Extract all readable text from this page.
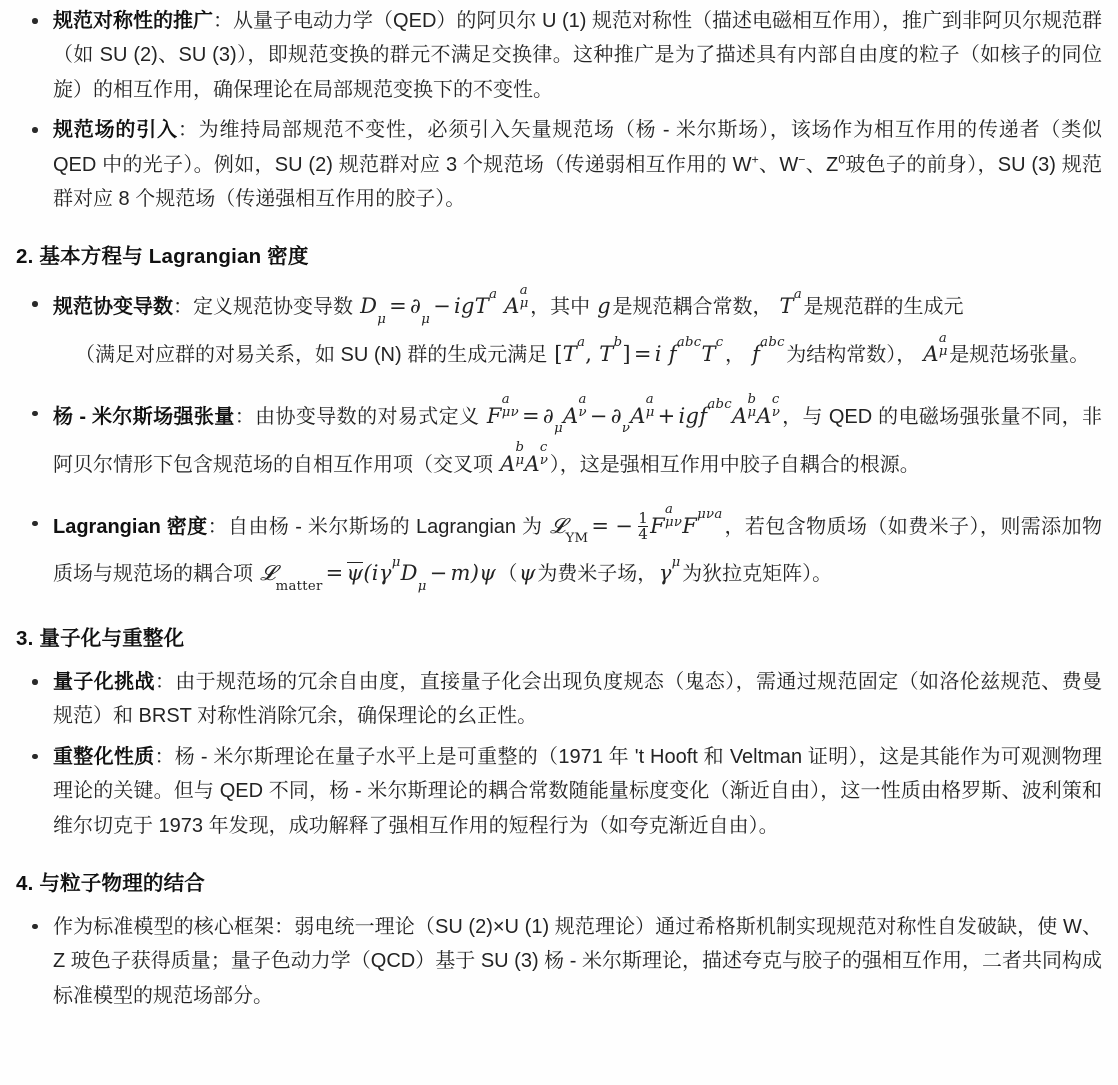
规范对称性的推广：从量子电动力学（QED）的阿贝尔 U (1) 规范对称性（描述电磁相互作用），推广到非阿贝尔规范群（如 SU (2)、SU (3)），即规范变换的群元不满足交换律。这种推广是为了描述具有内部自由度的粒子（如核子的同位旋）的相互作用，确保理论在局部规范变换下的不变性。
规范场的引入：为维持局部规范不变性，必须引入矢量规范场（杨 - 米尔斯场），该场作为相互作用的传递者（类似 QED 中的光子）。例如，SU (2) 规范群对应 3 个规范场（传递弱相互作用的 W+、W−、$Z^0$玻色子的前身），SU (3) 规范群对应 8 个规范场（传递强相互作用的胶子）。
2. 基本方程与 Lagrangian 密度
规范协变导数：定义规范协变导数 $D_\mu= \partial_\mu- igT^a$ A
a
μ ，其中 g是规范耦合常数， $T^a$是规范群的生成元
（满足对应群的对易关系，如 SU (N) 群的生成元满足 [$T^a$, $T^b] = i$ $f^{abc}T^c$， $f^{abc}$为结构常数）， A
a
μ 是规范场张量。
杨 - 米尔斯场强张量：由协变导数的对易式定义 F
a
$\mu\nu = \partial_\mu A$
a
$\nu - \partial_\nu A$
a
μ + igf$^{abc}$A
b
μ A
c
ν ，与 QED 的电磁场强张量不同，非阿贝尔情形下包含规范场的自相互作用项（交叉项 A
b
μ A
c
ν ），这是强相互作用中胶子自耦合的根源。
Lagrangian 密度：自由杨 - 米尔斯场的 Lagrangian 为 𝓛$_{YM}$= − $\frac{1}{4}$ F
a
μν $F^{\mu\nu a}$，若包含物质场（如费米子），则需添加物质场与规范场的耦合项 𝓛$_{matter}$= $\psi(i\gamma^\mu D_\mu- m)\psi(\psi$为费米子场，$\gamma^\mu$为狄拉克矩阵）。
3. 量子化与重整化
量子化挑战：由于规范场的冗余自由度，直接量子化会出现负度规态（鬼态），需通过规范固定（如洛伦兹规范、费曼规范）和 BRST 对称性消除冗余，确保理论的幺正性。
重整化性质：杨 - 米尔斯理论在量子水平上是可重整的（1971 年 't Hooft 和 Veltman 证明），这是其能作为可观测物理理论的关键。但与 QED 不同，杨 - 米尔斯理论的耦合常数随能量标度变化（渐近自由），这一性质由格罗斯、波利策和维尔切克于 1973 年发现，成功解释了强相互作用的短程行为（如夸克渐近自由）。
4. 与粒子物理的结合
作为标准模型的核心框架：弱电统一理论（SU (2)×U (1) 规范理论）通过希格斯机制实现规范对称性自发破缺，使 W、Z 玻色子获得质量；量子色动力学（QCD）基于 SU (3) 杨 - 米尔斯理论，描述夸克与胶子的强相互作用，二者共同构成标准模型的规范场部分。
